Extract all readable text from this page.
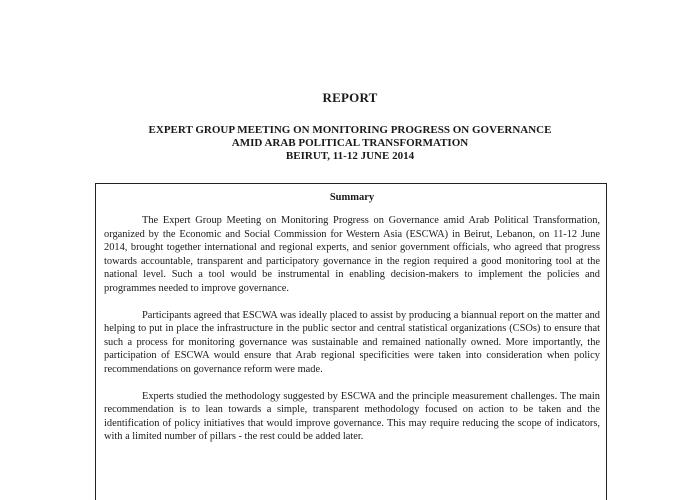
REPORT
EXPERT GROUP MEETING ON MONITORING PROGRESS ON GOVERNANCE
AMID ARAB POLITICAL TRANSFORMATION
BEIRUT, 11-12 JUNE 2014
Summary

The Expert Group Meeting on Monitoring Progress on Governance amid Arab Political Transformation, organized by the Economic and Social Commission for Western Asia (ESCWA) in Beirut, Lebanon, on 11-12 June 2014, brought together international and regional experts, and senior government officials, who agreed that progress towards accountable, transparent and participatory governance in the region required a good monitoring tool at the national level. Such a tool would be instrumental in enabling decision-makers to implement the policies and programmes needed to improve governance.

Participants agreed that ESCWA was ideally placed to assist by producing a biannual report on the matter and helping to put in place the infrastructure in the public sector and central statistical organizations (CSOs) to ensure that such a process for monitoring governance was sustainable and remained nationally owned. More importantly, the participation of ESCWA would ensure that Arab regional specificities were taken into consideration when policy recommendations on governance reform were made.

Experts studied the methodology suggested by ESCWA and the principle measurement challenges. The main recommendation is to lean towards a simple, transparent methodology focused on action to be taken and the identification of policy initiatives that would improve governance. This may require reducing the scope of indicators, with a limited number of pillars - the rest could be added later.
